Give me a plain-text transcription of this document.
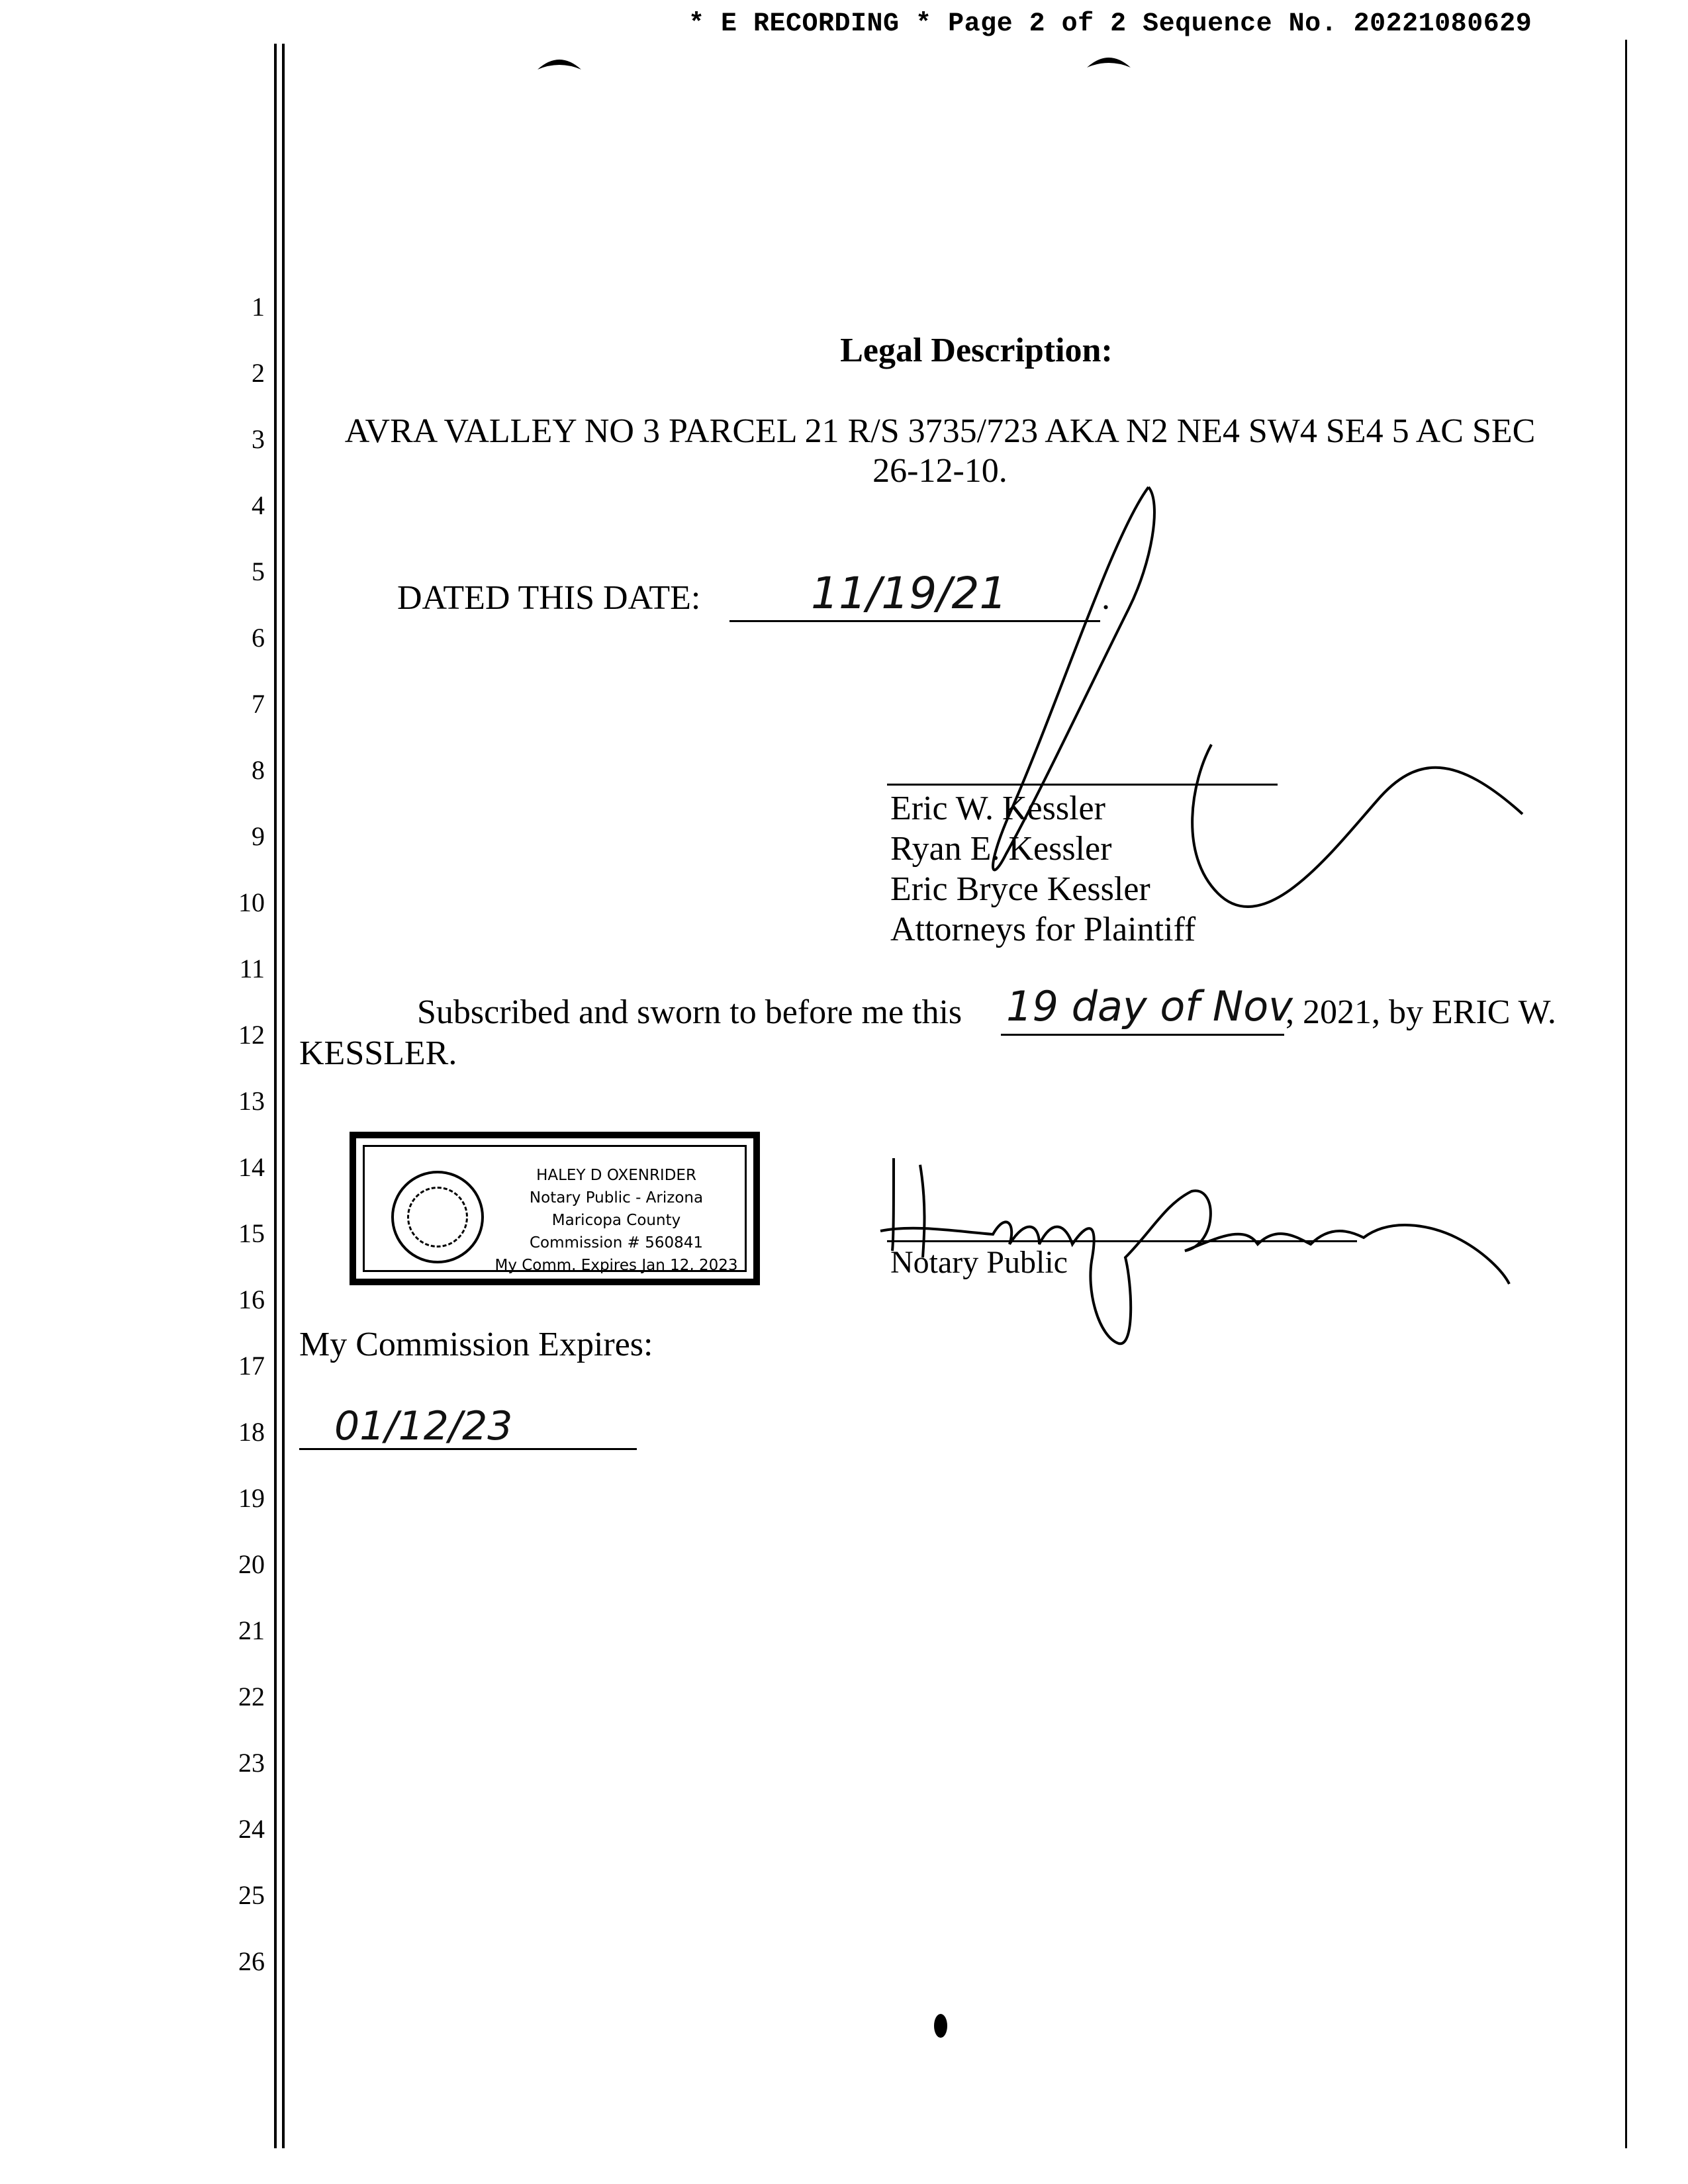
* E RECORDING * Page 2 of 2 Sequence No. 20221080629
1
2
3
4
5
6
7
8
9
10
11
12
13
14
15
16
17
18
19
20
21
22
23
24
25
26
Legal Description:
AVRA VALLEY NO 3 PARCEL 21 R/S 3735/723 AKA N2 NE4 SW4 SE4 5 AC SEC
26-12-10.
DATED THIS DATE:	11/19/21	.
Eric W. Kessler
Ryan E. Kessler
Eric Bryce Kessler
Attorneys for Plaintiff
Subscribed and sworn to before me this 19 day of Nov
, 2021, by ERIC W.
KESSLER.
HALEY D OXENRIDER
Notary Public - Arizona
Maricopa County
Commission # 560841
My Comm. Expires Jan 12, 2023	Notary Public
My Commission Expires:
01/12/23
